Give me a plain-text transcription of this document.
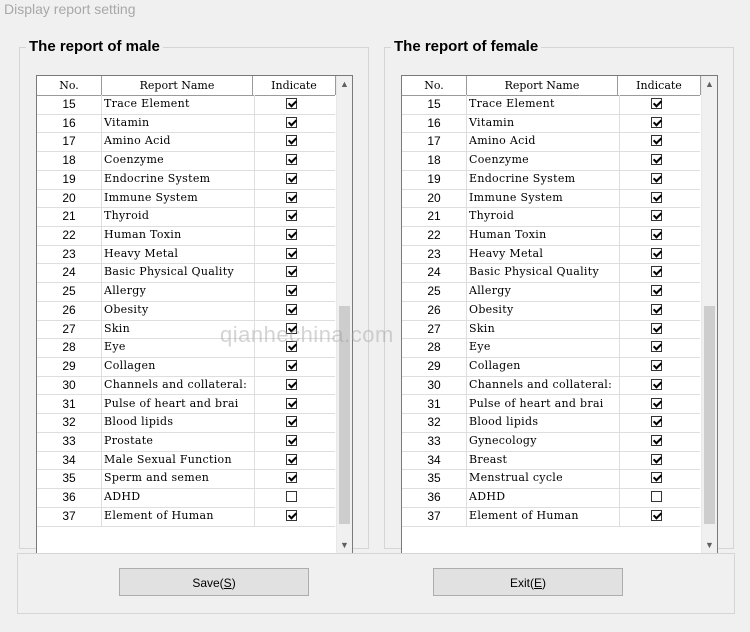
Display report setting
The report of male
No.	Report Name	Indicate
15	Trace Element
16	Vitamin
17	Amino Acid
18	Coenzyme
19	Endocrine System
20	Immune System
21	Thyroid
22	Human Toxin
23	Heavy Metal
24	Basic Physical Quality
25	Allergy
26	Obesity
27	Skin
28	Eye
29	Collagen
30	Channels and collateral:
31	Pulse of heart and brai
32	Blood lipids
33	Prostate
34	Male Sexual Function
35	Sperm and semen
36	ADHD
37	Element of Human
▲
▼
The report of female
No.	Report Name	Indicate
15	Trace Element
16	Vitamin
17	Amino Acid
18	Coenzyme
19	Endocrine System
20	Immune System
21	Thyroid
22	Human Toxin
23	Heavy Metal
24	Basic Physical Quality
25	Allergy
26	Obesity
27	Skin
28	Eye
29	Collagen
30	Channels and collateral:
31	Pulse of heart and brai
32	Blood lipids
33	Gynecology
34	Breast
35	Menstrual cycle
36	ADHD
37	Element of Human
▲
▼
qianhechina.com
Save(S)	Exit(E)
